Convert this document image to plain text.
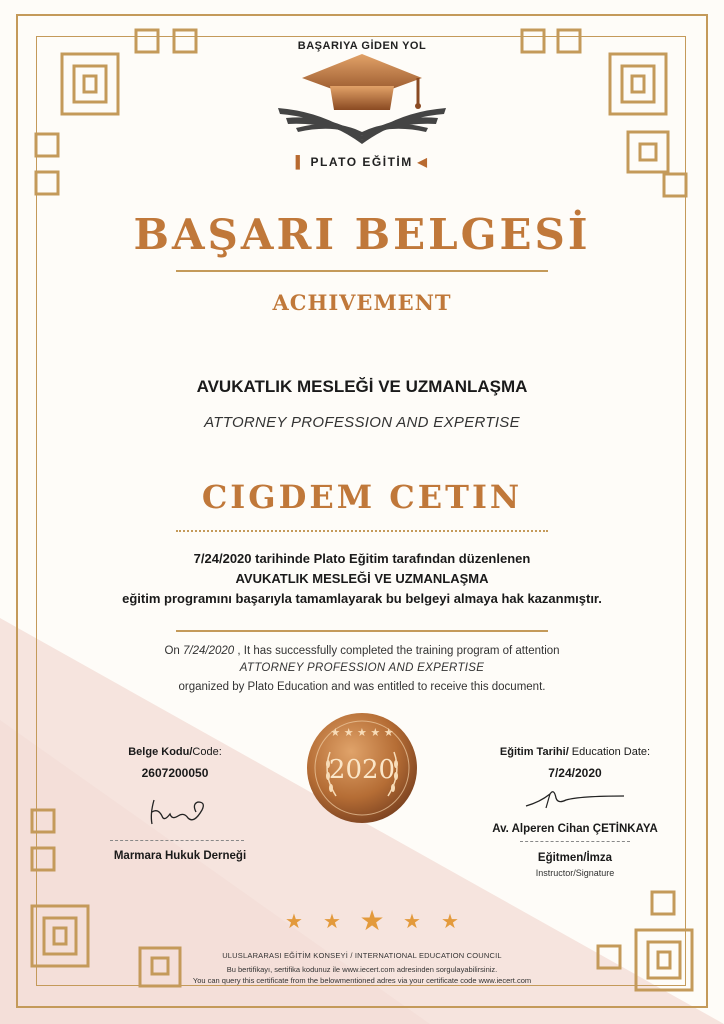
BAŞARIYA GİDEN YOL
▌ PLATO EĞİTİM ◀
BAŞARI BELGESİ
ACHIVEMENT
AVUKATLIK MESLEĞİ VE UZMANLAŞMA
ATTORNEY PROFESSION AND EXPERTISE
CIGDEM CETIN
7/24/2020 tarihinde Plato Eğitim tarafından düzenlenen
AVUKATLIK MESLEĞİ VE UZMANLAŞMA
eğitim programını başarıyla tamamlayarak bu belgeyi almaya hak kazanmıştır.
On 7/24/2020 , It has successfully completed the training program of attention
ATTORNEY PROFESSION AND EXPERTISE
organized by Plato Education and was entitled to receive this document.
★ ★ ★ ★ ★
2020
Belge Kodu/Code:
2607200050
Marmara Hukuk Derneği
Eğitim Tarihi/ Education Date:
7/24/2020
Av. Alperen Cihan ÇETİNKAYA
Eğitmen/İmza
Instructor/Signature
★ ★ ★ ★ ★
ULUSLARARASI EĞİTİM KONSEYİ / INTERNATIONAL EDUCATION COUNCIL
Bu bertifikayı, sertifika kodunuz ile www.iecert.com adresinden sorgulayabilirsiniz.
You can query this certificate from the belowmentioned adres via your certificate code www.iecert.com
